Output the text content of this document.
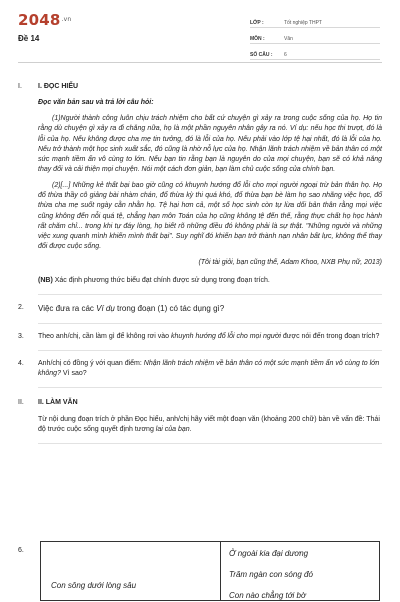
2048.vn
Đề 14
LỚP :	Tốt nghiệp THPT
MÔN :	Văn
SỐ CÂU :	6
I.	I. ĐỌC HIỂU
Đọc văn bản sau và trả lời câu hỏi:
(1)Người thành công luôn chịu trách nhiệm cho bất cứ chuyện gì xảy ra trong cuộc sống của họ. Họ tin rằng dù chuyện gì xảy ra đi chăng nữa, họ là một phần nguyên nhân gây ra nó. Ví dụ: nếu học thi trượt, đó là lỗi của họ. Nếu không được cha mẹ tin tưởng, đó là lỗi của họ. Nếu phải vào lớp tệ hại nhất, đó là lỗi của họ. Nếu trở thành một học sinh xuất sắc, đó cũng là nhờ nỗ lực của họ. Nhận lãnh trách nhiệm về bản thân có một sức mạnh tiềm ẩn vô cùng to lớn. Nếu bạn tin rằng bạn là nguyên do của mọi chuyện, bạn sẽ có khả năng thay đổi và cải thiện mọi chuyện. Nói một cách đơn giản, bạn làm chủ cuộc sống của chính bạn.
(2)[...] Những kẻ thất bại bao giờ cũng có khuynh hướng đổ lỗi cho mọi người ngoại trừ bản thân họ. Họ đổ thừa thầy cô giảng bài nhàm chán, đổ thừa kỳ thi quá khó, đổ thừa bạn bè làm họ sao nhãng việc học, đổ thừa cha mẹ suốt ngày cằn nhằn họ. Tệ hại hơn cả, một số học sinh còn tự lừa dối bản thân rằng mọi việc cũng không đến nỗi quá tệ, chẳng hạn môn Toán của họ cũng không tệ đến thế, rằng thực chất họ học hành rất chăm chỉ... trong khi tự đáy lòng, họ biết rõ những điều đó không phải là sự thật. "Những người và những việc xung quanh mình khiến mình thất bại". Suy nghĩ đó khiến bạn trở thành nạn nhân bất lực, không thể thay đổi được cuộc sống.
(Tôi tài giỏi, bạn cũng thế, Adam Khoo, NXB Phụ nữ, 2013)
(NB) Xác định phương thức biểu đạt chính được sử dụng trong đoạn trích.
2.	Việc đưa ra các Ví dụ trong đoạn (1) có tác dụng gì?
3.	Theo anh/chị, cần làm gì để không rơi vào khuynh hướng đổ lỗi cho mọi người được nói đến trong đoạn trích?
4.	Anh/chị có đồng ý với quan điểm: Nhận lãnh trách nhiệm về bản thân có một sức mạnh tiềm ẩn vô cùng to lớn không? Vì sao?
II.	II. LÀM VĂN
Từ nội dung đoạn trích ở phần Đọc hiểu, anh/chị hãy viết một đoạn văn (khoảng 200 chữ) bàn về vấn đề: Thái độ trước cuộc sống quyết định tương lai của bạn.
6.
Con sông dưới lòng sâu
Ở ngoài kia đại dương
Trăm ngàn con sóng đó
Con nào chẳng tới bờ
